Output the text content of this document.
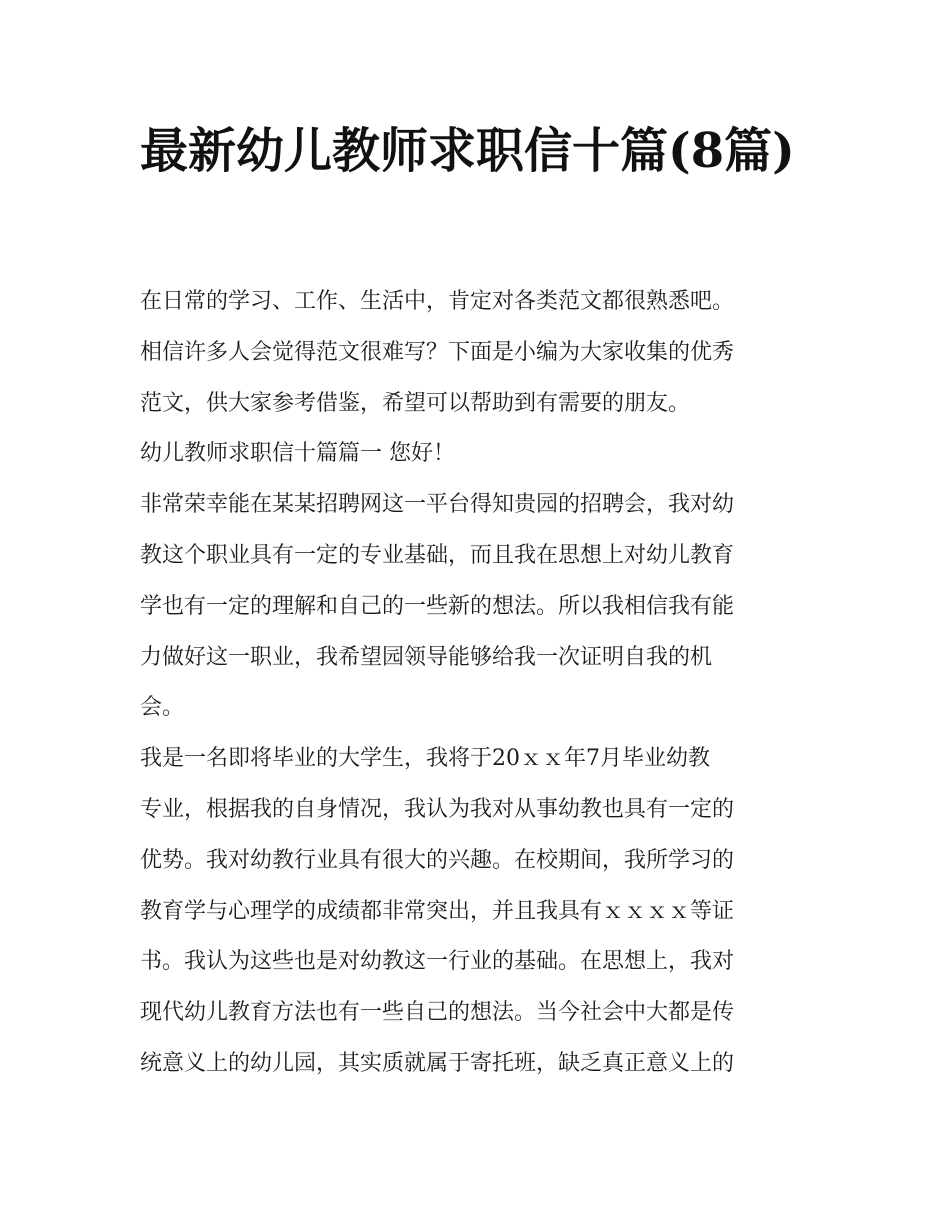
最新幼儿教师求职信十篇(8篇)

在日常的学习、工作、生活中，肯定对各类范文都很熟悉吧。

相信许多人会觉得范文很难写？下面是小编为大家收集的优秀

范文，供大家参考借鉴，希望可以帮助到有需要的朋友。

幼儿教师求职信十篇篇一 您好！

非常荣幸能在某某招聘网这一平台得知贵园的招聘会，我对幼

教这个职业具有一定的专业基础，而且我在思想上对幼儿教育

学也有一定的理解和自己的一些新的想法。所以我相信我有能

力做好这一职业，我希望园领导能够给我一次证明自我的机

会。

我是一名即将毕业的大学生，我将于20ｘｘ年7月毕业幼教

专业，根据我的自身情况，我认为我对从事幼教也具有一定的

优势。我对幼教行业具有很大的兴趣。在校期间，我所学习的

教育学与心理学的成绩都非常突出，并且我具有ｘｘｘｘ等证

书。我认为这些也是对幼教这一行业的基础。在思想上，我对

现代幼儿教育方法也有一些自己的想法。当今社会中大都是传

统意义上的幼儿园，其实质就属于寄托班，缺乏真正意义上的
